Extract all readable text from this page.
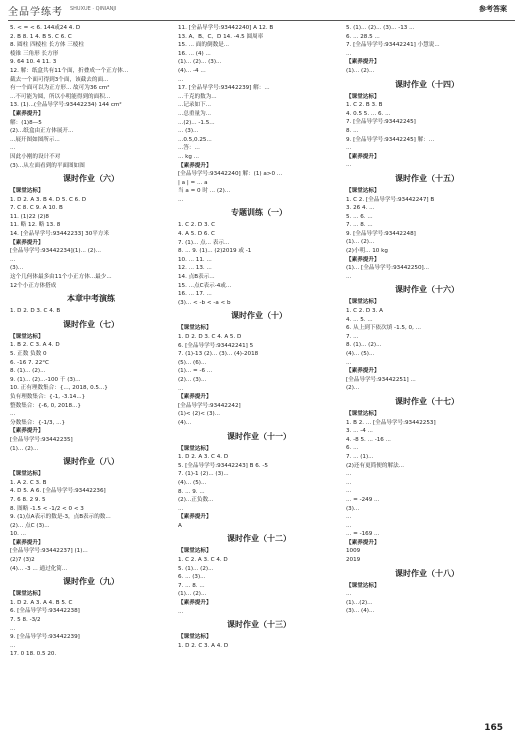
全品学练考 SHUXUE · QINIANJI	参考答案
5. < = < 6. 144或24 4. D
2. B 8. 1 4. B 5. C 6. C
8. 圆柱 四棱柱 长方体 三棱柱
棱锥 三角形 长方形
9. 64 10. 4 11. 3
12. 解：纸盒共有11个面，折叠成一个正方体...
截去一个面可得到3个面，该截去的面...
有一个面可以为正方形... 故可为36 cm²
...不可能为圆，所以小明能得到的面积...
13. (1)...(全品导学号:93442234) 144 cm²
【素养提升】
解：(1)8—5
(2)...纸盒由正方体展开...
...展开图如图所示...
...
因此小刚的设计不对
(3)...从左面看到的平面图如图
课时作业（六）
【课堂达标】
1. D 2. A 3. B 4. D 5. C 6. D
7. C 8. C 9. A 10. B
11. (1)22 (2)8
11. 略 12. 略 13. 8
14. [全品导学号:93442233] 30平方米
【素养提升】
[全品导学号:93442234](1)... (2)...
...
(3)...
这个几何体最多由11个小正方体...最少...
12个小正方体搭成
本章中考演练
1. D 2. D 3. C 4. B
课时作业（七）
【课堂达标】
1. B 2. C 3. A 4. D
5. 正数 负数 0
6. -16 7. 22°C
8. (1)... (2)...
9. (1)... (2)...-100 千 (3)...
10. 正有理数集合：{..., 2018, 0.5...}
负有理数集合：{-1, -3.14...}
整数集合：{-6, 0, 2018...}
...
分数集合：{-1/3, ...}
【素养提升】
[全品导学号:93442235]
(1)... (2)...
课时作业（八）
【课堂达标】
1. A 2. C 3. B
4. D 5. A 6. [全品导学号:93442236]
7. 6 8. 2 9. 5
8. 图略 -1.5 < -1/2 < 0 < 3
9. (1)点A表示的数是-3，点B表示的数...
(2)... 点C (3)...
10. ...
【素养提升】
[全品导学号:93442237] (1)...
(2)7 (3)2
(4)... -3 ... 通过化简...
课时作业（九）
【课堂达标】
1. D 2. A 3. A 4. B 5. C
6. [全品导学号:93442238]
7. 5 8. -3/2
...
9. [全品导学号:93442239]
...
17. 0 18. 0.5 20.
11. [全品导学号:93442240] A 12. B
13. A、B、C、D 14. -4.5 圆周率
15. ... 面的倒数是...
16. ... (4) ...
(1)... (2)... (3)...
(4)... -4 ...
...
17. [全品导学号:93442239] 解：...
...千克的数为...
...记录如下...
...总重量为...
...(2)... -1.5...
... (3)...
...0.5,0.25...
...答：...
... kg ...
【素养提升】
[全品导学号:93442240] 解：(1) a>0 ...
| a | = ... a
当 a = 0 时 ... (2)...
...
专题训练（一）
1. C 2. D 3. C
4. A 5. D 6. C
7. (1)... 点... 表示...
8. ... 9. (1)... (2)2019 或 -1
10. ... 11. ...
12. ... 13. ...
14. 点B表示...
15. ...点C表示-4或...
16. ... 17. ...
(3)... < -b < -a < b
课时作业（十）
【课堂达标】
1. D 2. D 3. C 4. A 5. D
6. [全品导学号:93442241] 5
7. (1)-13 (2)... (3)... (4)-2018
(5)... (6)...
(1)... = -6 ...
(2)... (3)...
...
【素养提升】
[全品导学号:93442242]
(1)< (2)< (3)...
(4)...
课时作业（十一）
【课堂达标】
1. D 2. A 3. C 4. D
5. [全品导学号:93442243] B 6. -5
7. (1)-1 (2)... (3)...
(4)... (5)...
8. ... 9. ...
(2)...正负数...
...
【素养提升】
A
课时作业（十二）
【课堂达标】
1. C 2. A 3. C 4. D
5. (1)... (2)...
6. ... (3)...
7. ... 8. ...
(1)... (2)...
【素养提升】
...
课时作业（十三）
【课堂达标】
1. D 2. C 3. A 4. D
5. (1)... (2)... (3)... -13 ...
6. ... 28.5 ...
7. [全品导学号:93442241] 小慧说...
...
【素养提升】
(1)... (2)...
课时作业（十四）
【课堂达标】
1. C 2. B 3. B
4. 0.5 5. ... 6. ...
7. [全品导学号:93442245]
8. ...
9. [全品导学号:93442245] 解：...
...
【素养提升】
...
课时作业（十五）
【课堂达标】
1. C 2. [全品导学号:93442247] B
3. 26 4. ...
5. ... 6. ...
7. ... 8. ...
9. [全品导学号:93442248]
(1)... (2)...
(2)小明... 10 kg
【素养提升】
(1)... [全品导学号:93442250]...
...
课时作业（十六）
【课堂达标】
1. C 2. D 3. A
4. ... 5. ...
6. 从上到下依次填 -1.5, 0, ...
7. ...
8. (1)... (2)...
(4)... (5)...
...
【素养提升】
[全品导学号:93442251] ...
(2)...
课时作业（十七）
【课堂达标】
1. B 2. ... [全品导学号:93442253]
3. ... -4 ...
4. -8 5. ... -16 ...
6. ...
7. ... (1)...
(2)还有更简便的解法...
...
...
...
... = -249 ...
(3)...
...
...
... = -169 ...
【素养提升】
1009
2019
课时作业（十八）
【课堂达标】
...
(1)...(2)...
(3)... (4)...
165
